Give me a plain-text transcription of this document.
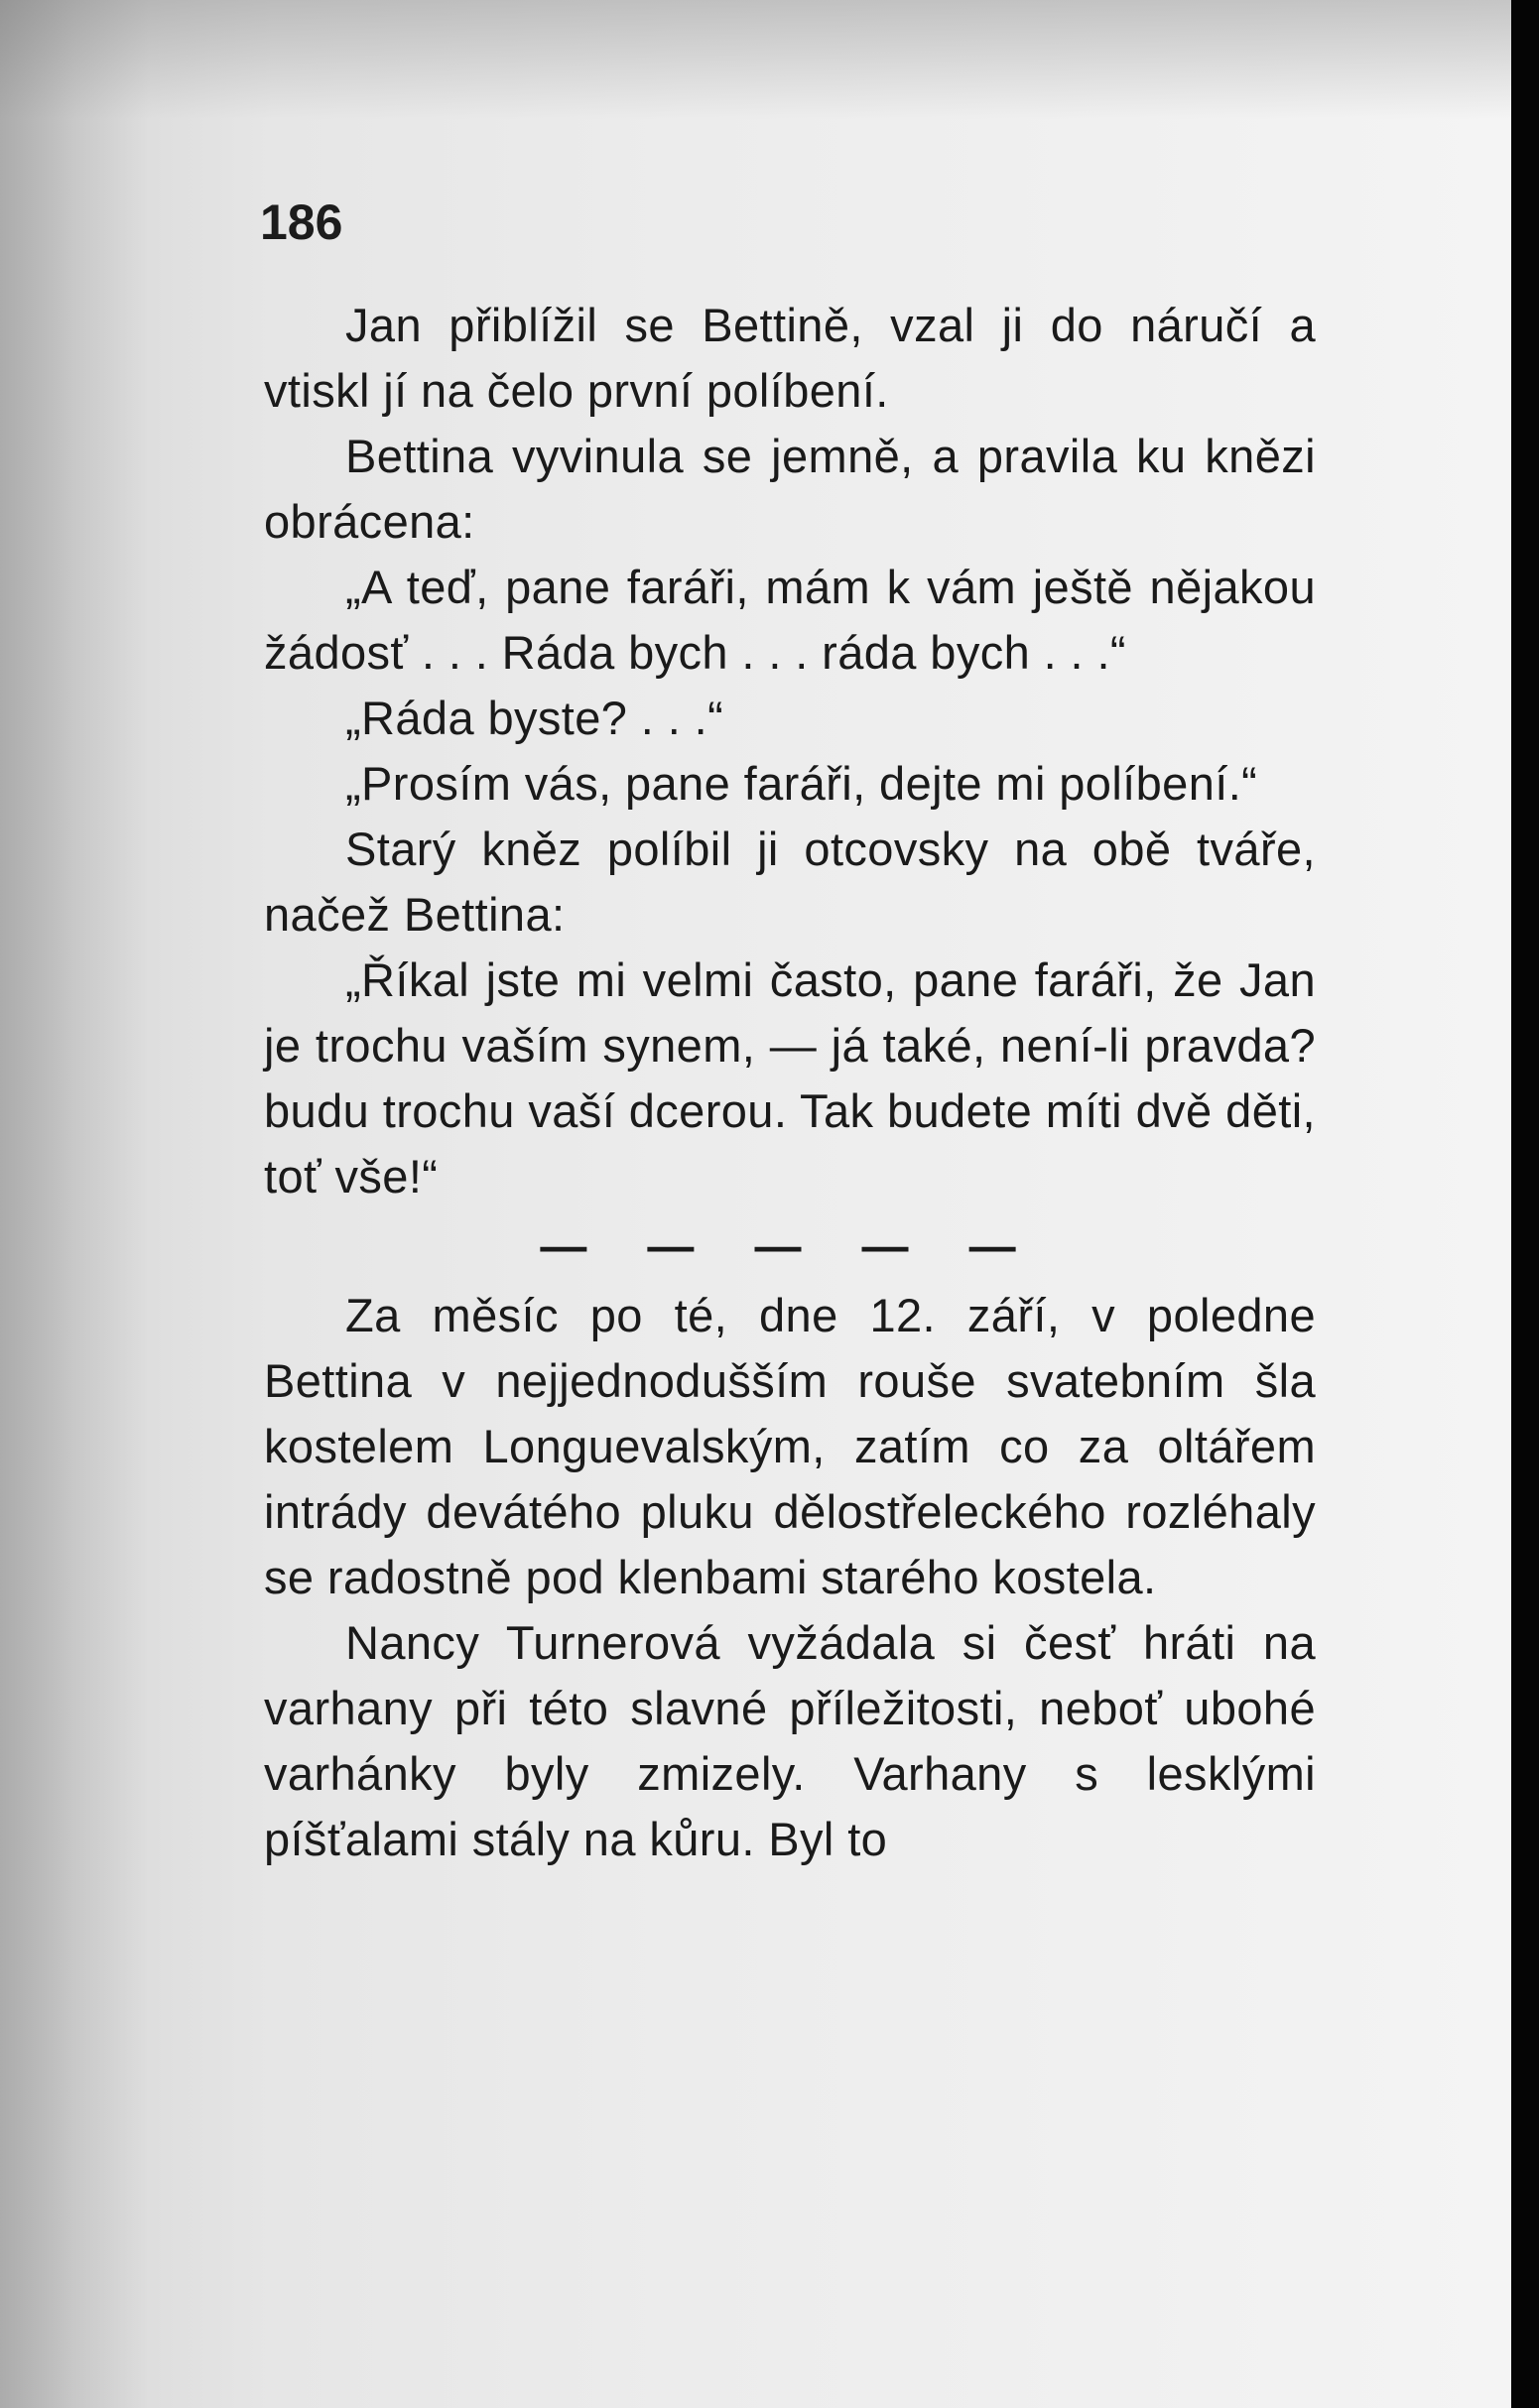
186

Jan přiblížil se Bettině, vzal ji do náručí a vtiskl jí na čelo první políbení.

Bettina vyvinula se jemně, a pravila ku knězi obrácena:

„A teď, pane faráři, mám k vám ještě nějakou žádosť . . . Ráda bych . . . ráda bych . . .“

„Ráda byste? . . .“

„Prosím vás, pane faráři, dejte mi políbení.“

Starý kněz políbil ji otcovsky na obě tváře, načež Bettina:

„Říkal jste mi velmi často, pane faráři, že Jan je trochu vaším synem, — já také, není-li pravda? budu trochu vaší dcerou. Tak budete míti dvě děti, toť vše!“

— — — — —

Za měsíc po té, dne 12. září, v poledne Bettina v nejjednodušším rouše svatebním šla kostelem Longuevalským, zatím co za oltářem intrády devátého pluku dělostřeleckého rozléhaly se radostně pod klenbami starého kostela.

Nancy Turnerová vyžádala si česť hráti na varhany při této slavné příležitosti, neboť ubohé varhánky byly zmizely. Varhany s lesklými píšťalami stály na kůru. Byl to
